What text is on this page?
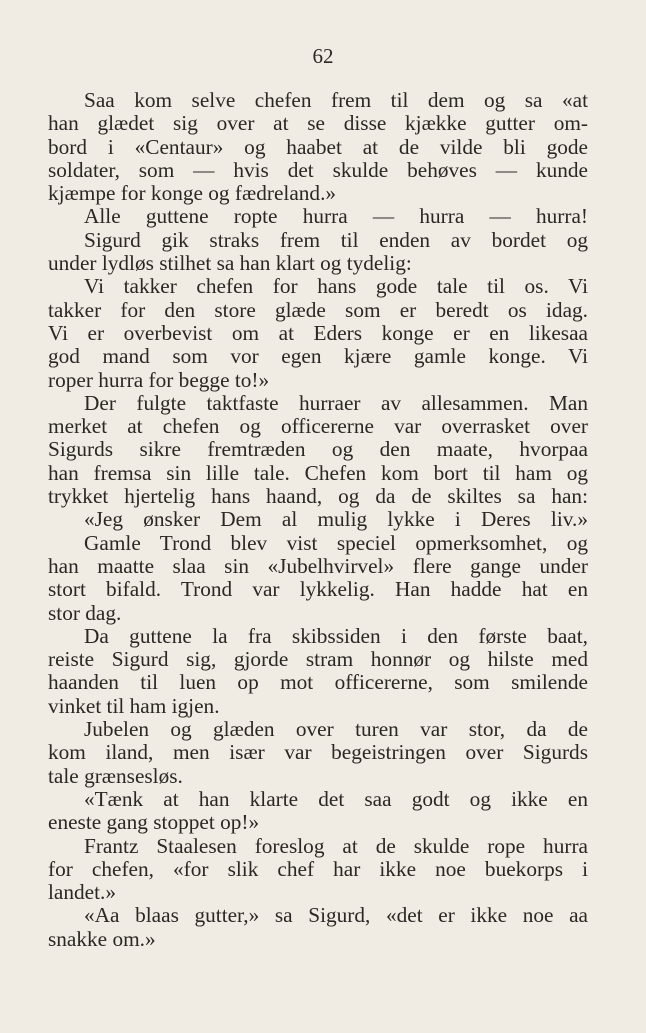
62
Saa kom selve chefen frem til dem og sa «at
han glædet sig over at se disse kjække gutter om-
bord i «Centaur» og haabet at de vilde bli gode
soldater, som — hvis det skulde behøves — kunde
kjæmpe for konge og fædreland.»
Alle guttene ropte hurra — hurra — hurra!
Sigurd gik straks frem til enden av bordet og
under lydløs stilhet sa han klart og tydelig:
Vi takker chefen for hans gode tale til os. Vi
takker for den store glæde som er beredt os idag.
Vi er overbevist om at Eders konge er en likesaa
god mand som vor egen kjære gamle konge. Vi
roper hurra for begge to!»
Der fulgte taktfaste hurraer av allesammen. Man
merket at chefen og officererne var overrasket over
Sigurds sikre fremtræden og den maate, hvorpaa
han fremsa sin lille tale. Chefen kom bort til ham og
trykket hjertelig hans haand, og da de skiltes sa han:
«Jeg ønsker Dem al mulig lykke i Deres liv.»
Gamle Trond blev vist speciel opmerksomhet, og
han maatte slaa sin «Jubelhvirvel» flere gange under
stort bifald. Trond var lykkelig. Han hadde hat en
stor dag.
Da guttene la fra skibssiden i den første baat,
reiste Sigurd sig, gjorde stram honnør og hilste med
haanden til luen op mot officererne, som smilende
vinket til ham igjen.
Jubelen og glæden over turen var stor, da de
kom iland, men især var begeistringen over Sigurds
tale grænsesløs.
«Tænk at han klarte det saa godt og ikke en
eneste gang stoppet op!»
Frantz Staalesen foreslog at de skulde rope hurra
for chefen, «for slik chef har ikke noe buekorps i
landet.»
«Aa blaas gutter,» sa Sigurd, «det er ikke noe aa
snakke om.»
